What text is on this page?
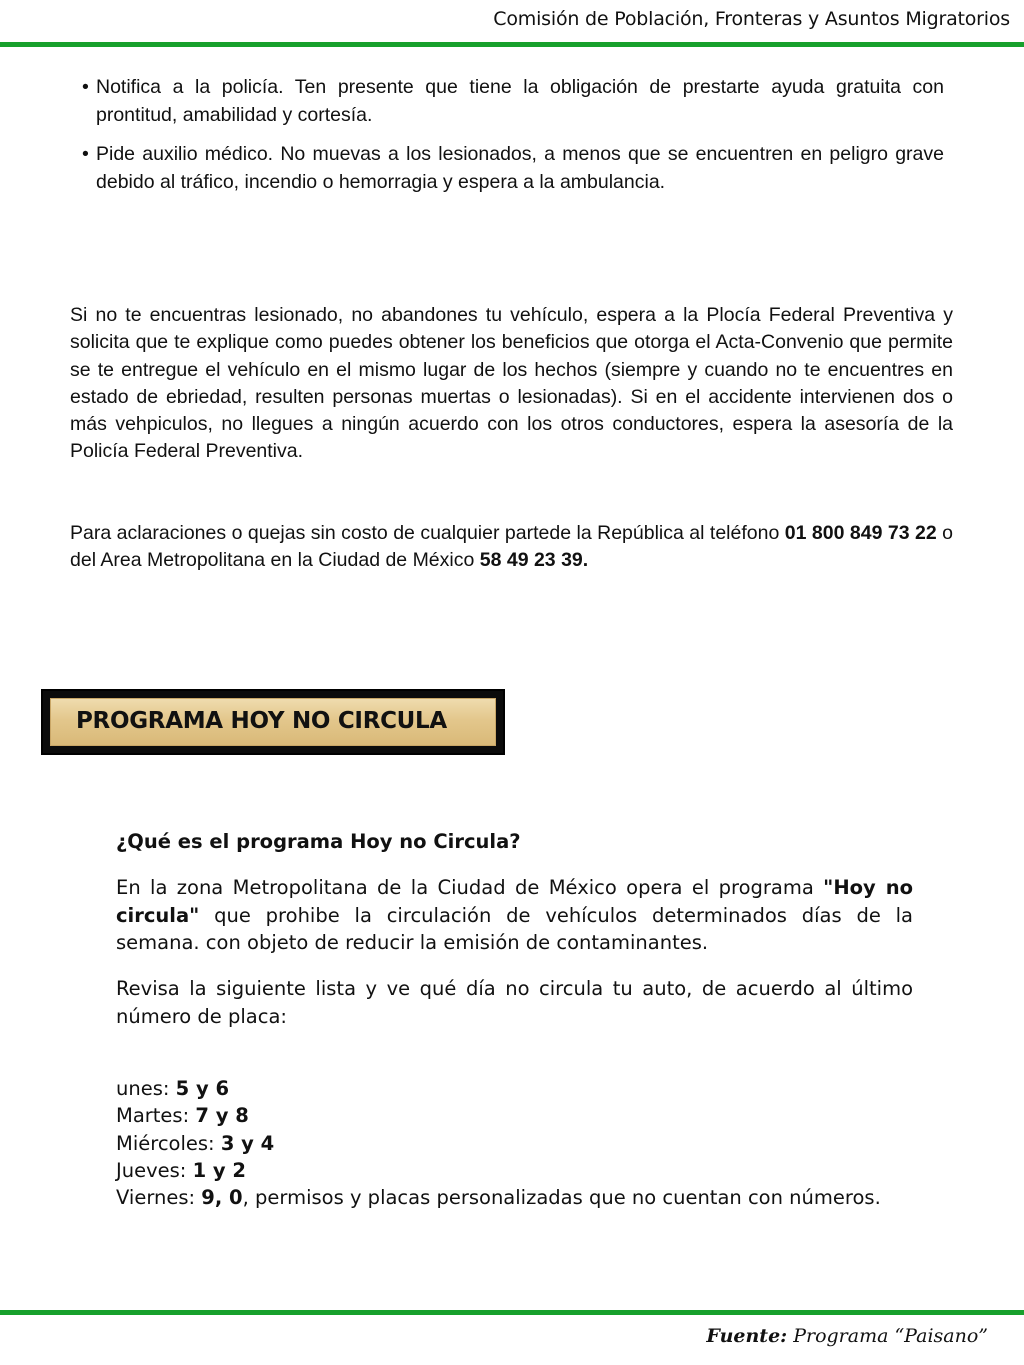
Comisión de Población, Fronteras y Asuntos Migratorios
• Notifica a la policía. Ten presente que tiene la obligación de prestarte ayuda gratuita con prontitud, amabilidad y cortesía.
• Pide auxilio médico. No muevas a los lesionados, a menos que se encuentren en peligro grave debido al tráfico, incendio o hemorragia y espera a la ambulancia.

Si no te encuentras lesionado, no abandones tu vehículo, espera a la Plocía Federal Preventiva y solicita que te explique como puedes obtener los beneficios que otorga el Acta-Convenio que permite se te entregue el vehículo en el mismo lugar de los hechos (siempre y cuando no te encuentres en estado de ebriedad, resulten personas muertas o lesionadas). Si en el accidente intervienen dos o más vehpiculos, no llegues a ningún acuerdo con los otros conductores, espera la asesoría de la Policía Federal Preventiva.

Para aclaraciones o quejas sin costo de cualquier partede la República al teléfono 01 800 849 73 22 o del Area Metropolitana en la Ciudad de México 58 49 23 39.

PROGRAMA HOY NO CIRCULA

¿Qué es el programa Hoy no Circula?

En la zona Metropolitana de la Ciudad de México opera el programa "Hoy no circula" que prohibe la circulación de vehículos determinados días de la semana. con objeto de reducir la emisión de contaminantes.

Revisa la siguiente lista y ve qué día no circula tu auto, de acuerdo al último número de placa:

unes: 5 y 6
Martes: 7 y 8
Miércoles: 3 y 4
Jueves: 1 y 2
Viernes: 9, 0, permisos y placas personalizadas que no cuentan con números.
Fuente: Programa “Paisano”
